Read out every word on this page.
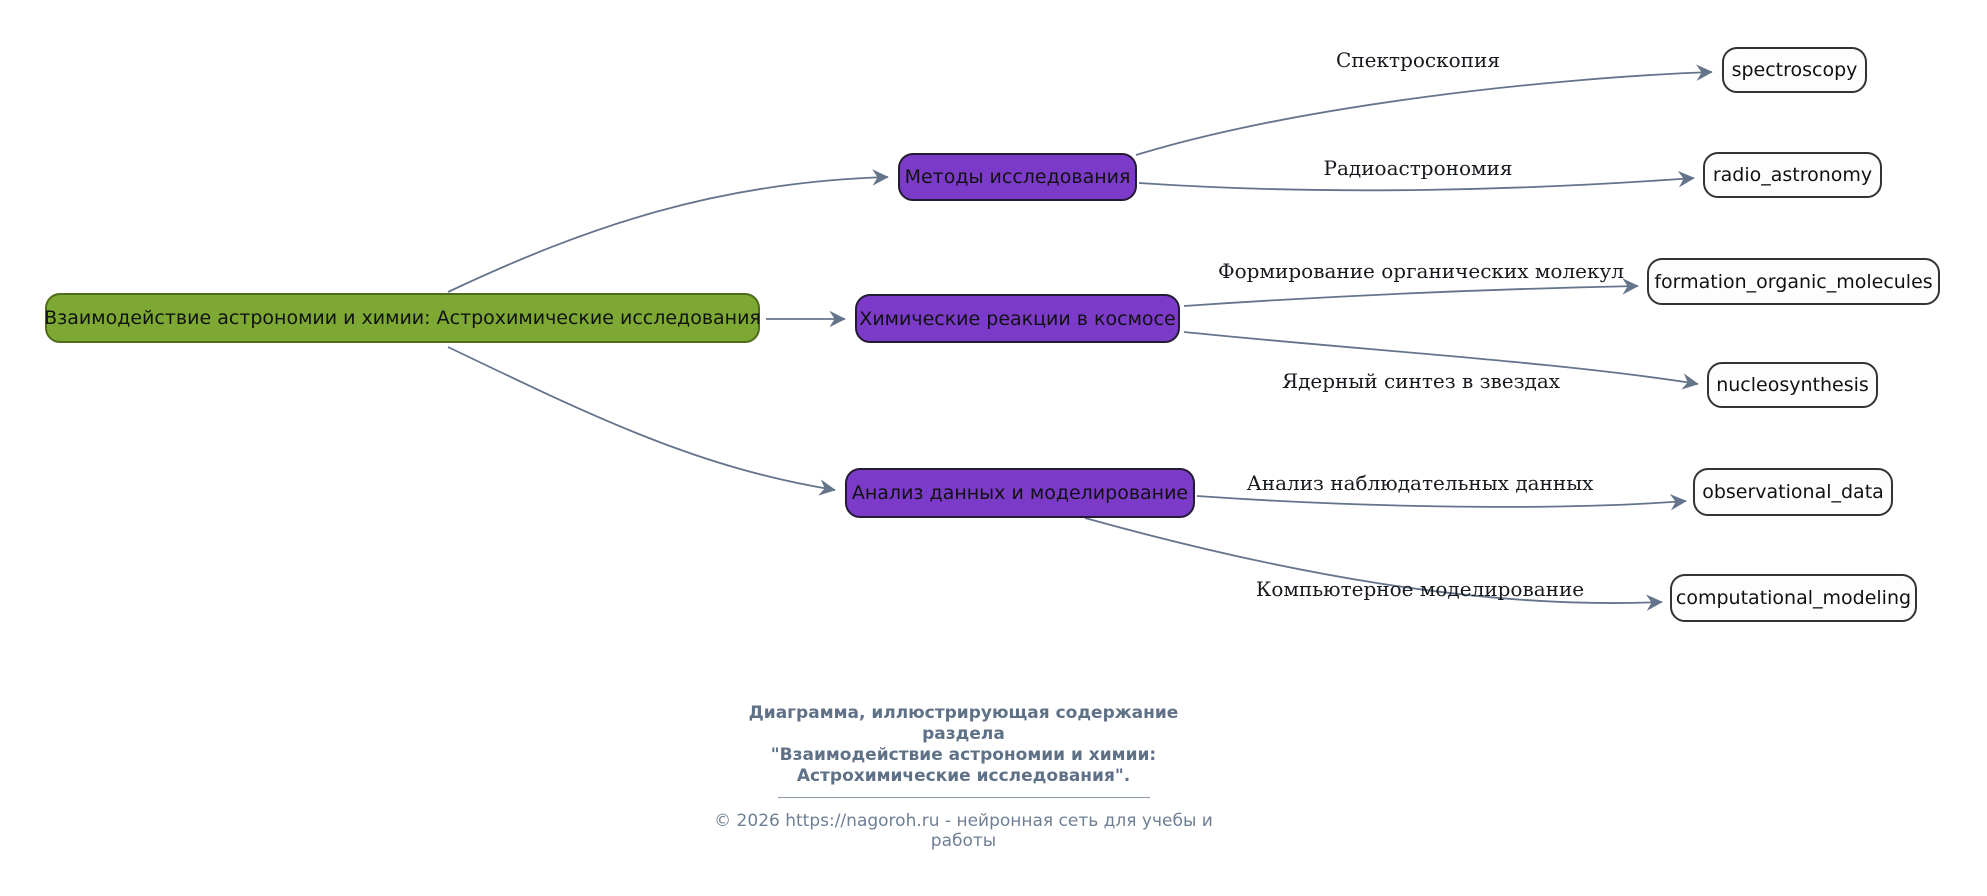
Взаимодействие астрономии и химии: Астрохимические исследования
Методы исследования
Химические реакции в космосе
Анализ данных и моделирование
spectroscopy
radio_astronomy
formation_organic_molecules
nucleosynthesis
observational_data
computational_modeling
Спектроскопия
Радиоастрономия
Формирование органических молекул
Ядерный синтез в звездах
Анализ наблюдательных данных
Компьютерное моделирование
Диаграмма, иллюстрирующая содержание раздела
"Взаимодействие астрономии и химии:
Астрохимические исследования".
© 2026 https://nagoroh.ru - нейронная сеть для учебы и работы
